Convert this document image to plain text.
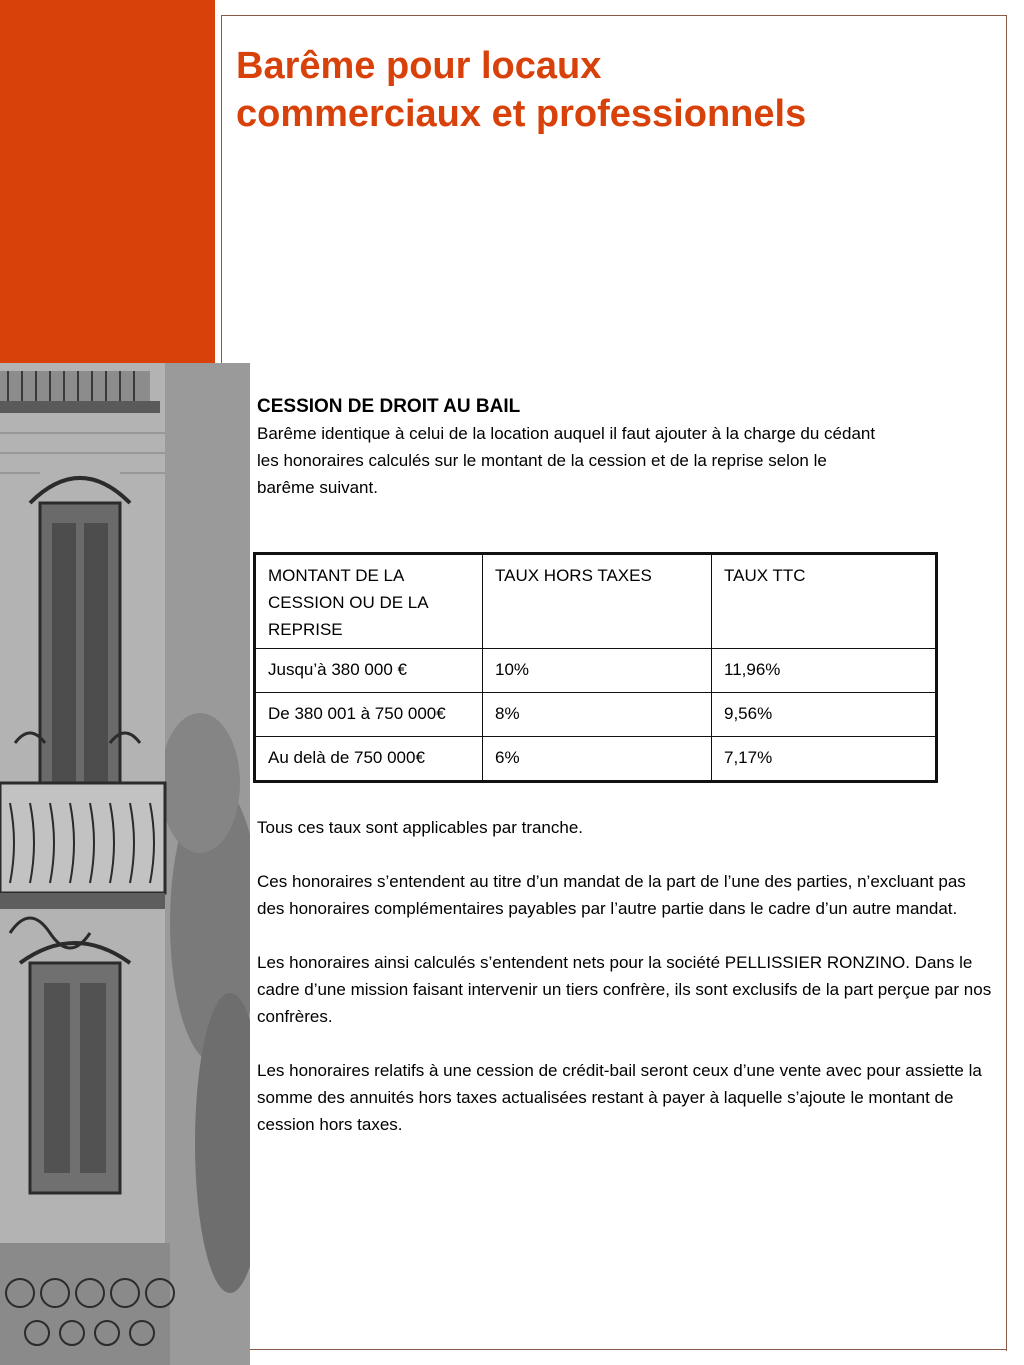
Barême pour locaux commerciaux et professionnels
CESSION DE DROIT AU BAIL

Barême identique à celui de la location auquel il faut ajouter à la charge du cédant les honoraires calculés sur le montant de la cession et de la reprise selon le barême suivant.

MONTANT DE LA CESSION OU DE LA REPRISE	TAUX HORS TAXES	TAUX TTC
Jusqu’à 380 000 €	10%	11,96%
De 380 001 à 750 000€	8%	9,56%
Au delà de 750 000€	6%	7,17%

Tous ces taux sont applicables par tranche.

Ces honoraires s’entendent au titre d’un mandat de la part de l’une des parties, n’excluant pas des honoraires complémentaires payables par l’autre partie dans le cadre d’un autre mandat.

Les honoraires ainsi calculés s’entendent nets pour la société PELLISSIER RONZINO. Dans le cadre d’une mission faisant intervenir un tiers confrère, ils sont exclusifs de la part perçue par nos confrères.

Les honoraires relatifs à une cession de crédit-bail seront ceux d’une vente avec pour assiette la somme des annuités hors taxes actualisées restant à payer à laquelle s’ajoute le montant de cession hors taxes.
